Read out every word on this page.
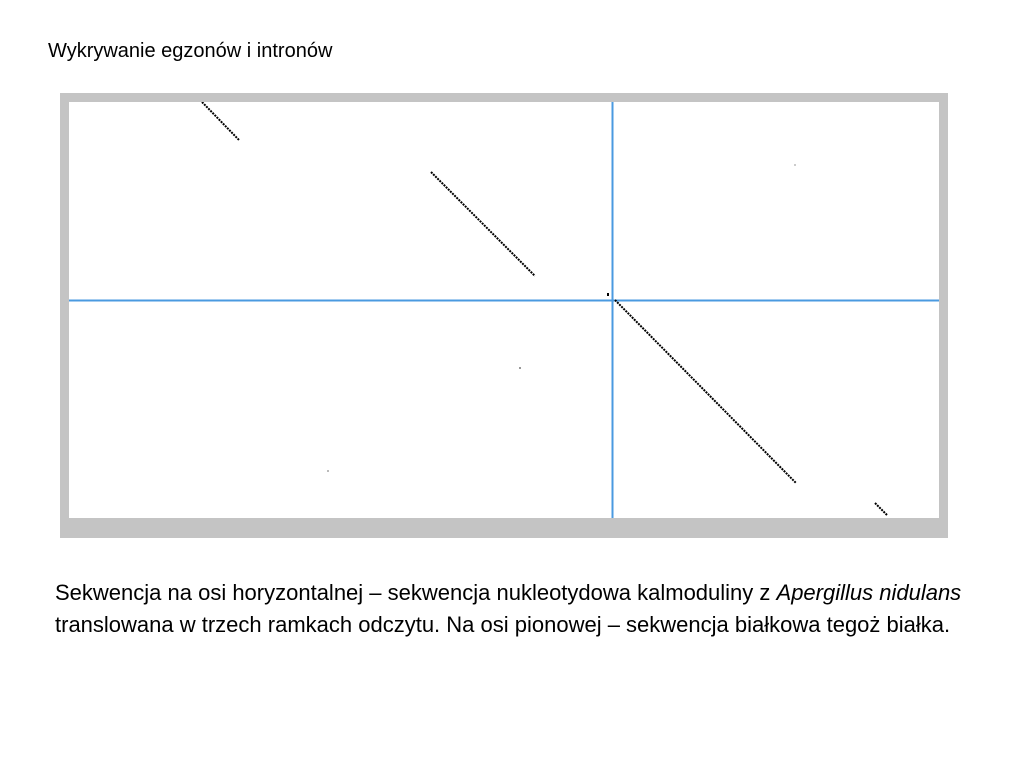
Wykrywanie egzonów i intronów
Sekwencja na osi horyzontalnej – sekwencja nukleotydowa kalmoduliny z Apergillus nidulans translowana w trzech ramkach odczytu. Na osi pionowej – sekwencja białkowa tegoż białka.
